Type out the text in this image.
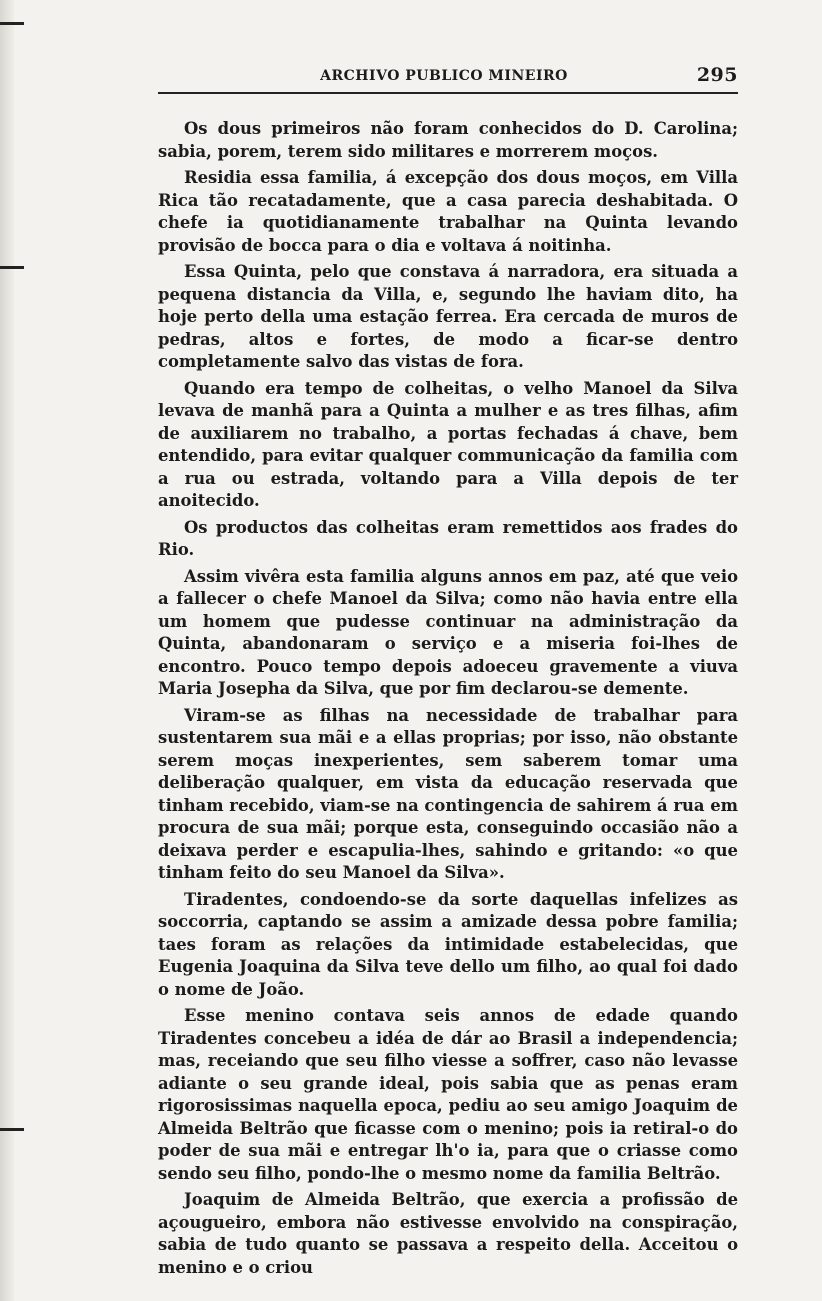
ARCHIVO PUBLICO MINEIRO	295

Os dous primeiros não foram conhecidos do D. Carolina; sabia, porem, terem sido militares e morrerem moços.

Residia essa familia, á excepção dos dous moços, em Villa Rica tão recatadamente, que a casa parecia deshabitada. O chefe ia quotidianamente trabalhar na Quinta levando provisão de bocca para o dia e voltava á noitinha.

Essa Quinta, pelo que constava á narradora, era situada a pequena distancia da Villa, e, segundo lhe haviam dito, ha hoje perto della uma estação ferrea. Era cercada de muros de pedras, altos e fortes, de modo a ficar-se dentro completamente salvo das vistas de fora.

Quando era tempo de colheitas, o velho Manoel da Silva levava de manhã para a Quinta a mulher e as tres filhas, afim de auxiliarem no trabalho, a portas fechadas á chave, bem entendido, para evitar qualquer communicação da familia com a rua ou estrada, voltando para a Villa depois de ter anoitecido.

Os productos das colheitas eram remettidos aos frades do Rio.

Assim vivêra esta familia alguns annos em paz, até que veio a fallecer o chefe Manoel da Silva; como não havia entre ella um homem que pudesse continuar na administração da Quinta, abandonaram o serviço e a miseria foi-lhes de encontro. Pouco tempo depois adoeceu gravemente a viuva Maria Josepha da Silva, que por fim declarou-se demente.

Viram-se as filhas na necessidade de trabalhar para sustentarem sua mãi e a ellas proprias; por isso, não obstante serem moças inexperientes, sem saberem tomar uma deliberação qualquer, em vista da educação reservada que tinham recebido, viam-se na contingencia de sahirem á rua em procura de sua mãi; porque esta, conseguindo occasião não a deixava perder e escapulia-lhes, sahindo e gritando: «o que tinham feito do seu Manoel da Silva».

Tiradentes, condoendo-se da sorte daquellas infelizes as soccorria, captando se assim a amizade dessa pobre familia; taes foram as relações da intimidade estabelecidas, que Eugenia Joaquina da Silva teve dello um filho, ao qual foi dado o nome de João.

Esse menino contava seis annos de edade quando Tiradentes concebeu a idéa de dár ao Brasil a independencia; mas, receiando que seu filho viesse a soffrer, caso não levasse adiante o seu grande ideal, pois sabia que as penas eram rigorosissimas naquella epoca, pediu ao seu amigo Joaquim de Almeida Beltrão que ficasse com o menino; pois ia retiral-o do poder de sua mãi e entregar lh'o ia, para que o criasse como sendo seu filho, pondo-lhe o mesmo nome da familia Beltrão.

Joaquim de Almeida Beltrão, que exercia a profissão de açougueiro, embora não estivesse envolvido na conspiração, sabia de tudo quanto se passava a respeito della. Acceitou o menino e o criou
